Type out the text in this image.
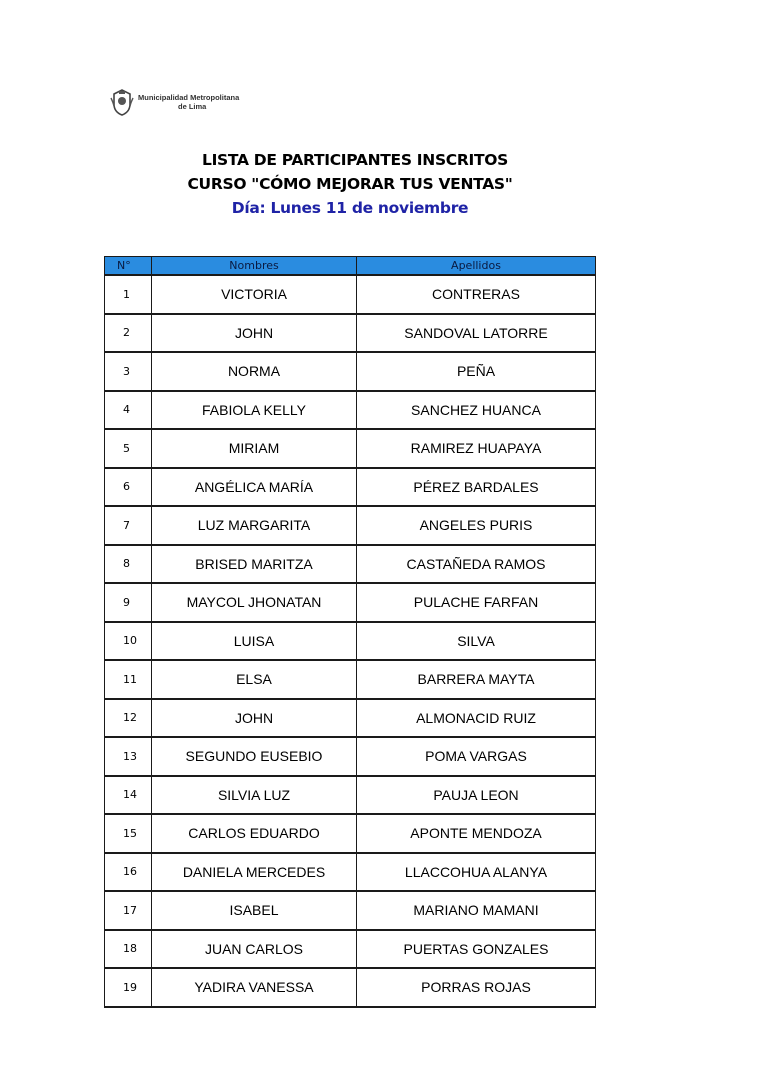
Municipalidad Metropolitana
de Lima
LISTA DE PARTICIPANTES INSCRITOS
CURSO "CÓMO MEJORAR TUS VENTAS"
Día: Lunes 11 de noviembre
N°	Nombres	Apellidos
1	VICTORIA	CONTRERAS
2	JOHN	SANDOVAL LATORRE
3	NORMA	PEÑA
4	FABIOLA KELLY	SANCHEZ HUANCA
5	MIRIAM	RAMIREZ HUAPAYA
6	ANGÉLICA MARÍA	PÉREZ BARDALES
7	LUZ MARGARITA	ANGELES PURIS
8	BRISED MARITZA	CASTAÑEDA RAMOS
9	MAYCOL JHONATAN	PULACHE FARFAN
10	LUISA	SILVA
11	ELSA	BARRERA MAYTA
12	JOHN	ALMONACID RUIZ
13	SEGUNDO EUSEBIO	POMA VARGAS
14	SILVIA LUZ	PAUJA LEON
15	CARLOS EDUARDO	APONTE MENDOZA
16	DANIELA MERCEDES	LLACCOHUA ALANYA
17	ISABEL	MARIANO MAMANI
18	JUAN CARLOS	PUERTAS GONZALES
19	YADIRA VANESSA	PORRAS ROJAS
